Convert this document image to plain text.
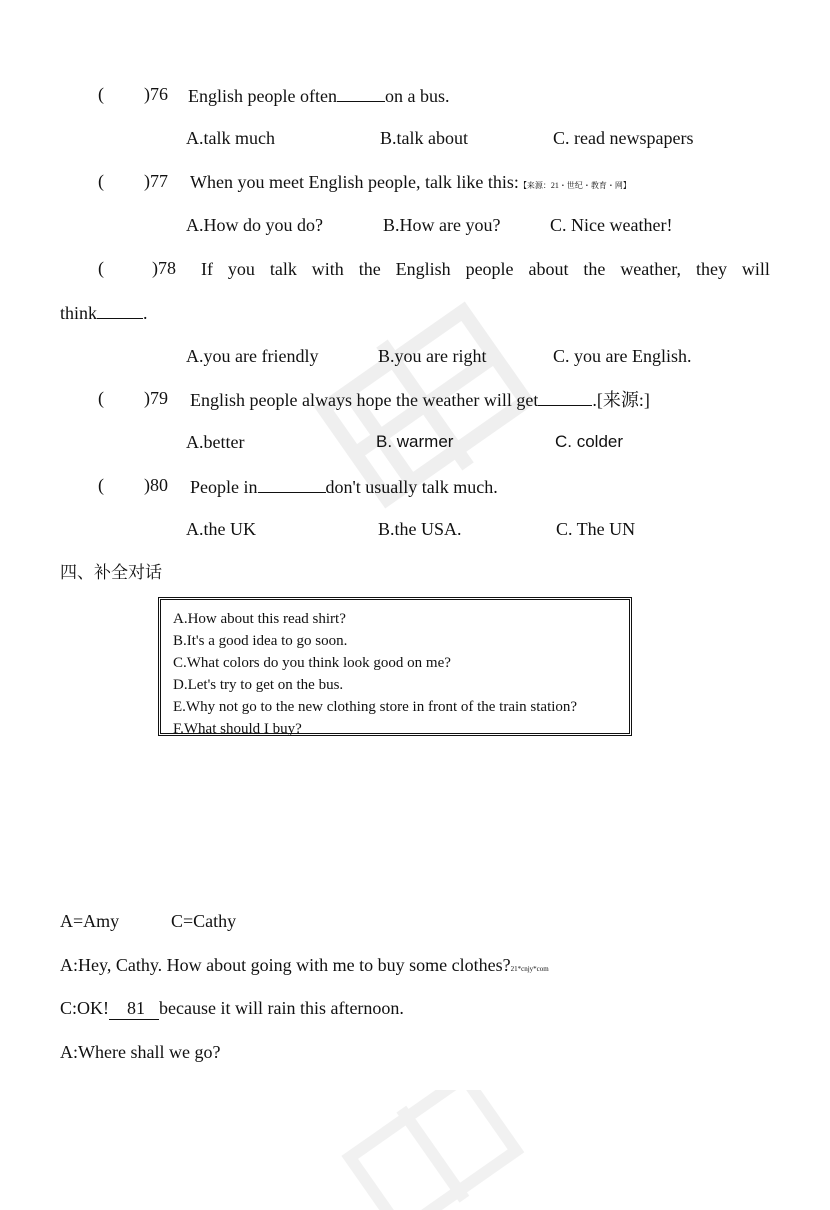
( )76 English people often	on a bus.
A.talk much	B.talk about	C. read newspapers
( )77 When you meet English people, talk like this:【来源：21・世纪・教育・网】
A.How do you do?	B.How are you?	C. Nice weather!
(	)78 If you talk with the English people about the weather, they will
think	.
A.you are friendly	B.you are right	C. you are English.
( )79 English people always hope the weather will get	.[来源:]
A.better	B. warmer	C. colder
( )80 People in	don't usually talk much.
A.the UK	B.the USA.	C. The UN
四、补全对话
A.How about this read shirt?
B.It's a good idea to go soon.
C.What colors do you think look good on me?
D.Let's try to get on the bus.
E.Why not go to the new clothing store in front of the train station?
F.What should I buy?
A=Amy	C=Cathy
A:Hey, Cathy. How about going with me to buy some clothes?21*cnjy*com
C:OK! 81 because it will rain this afternoon.
A:Where shall we go?
